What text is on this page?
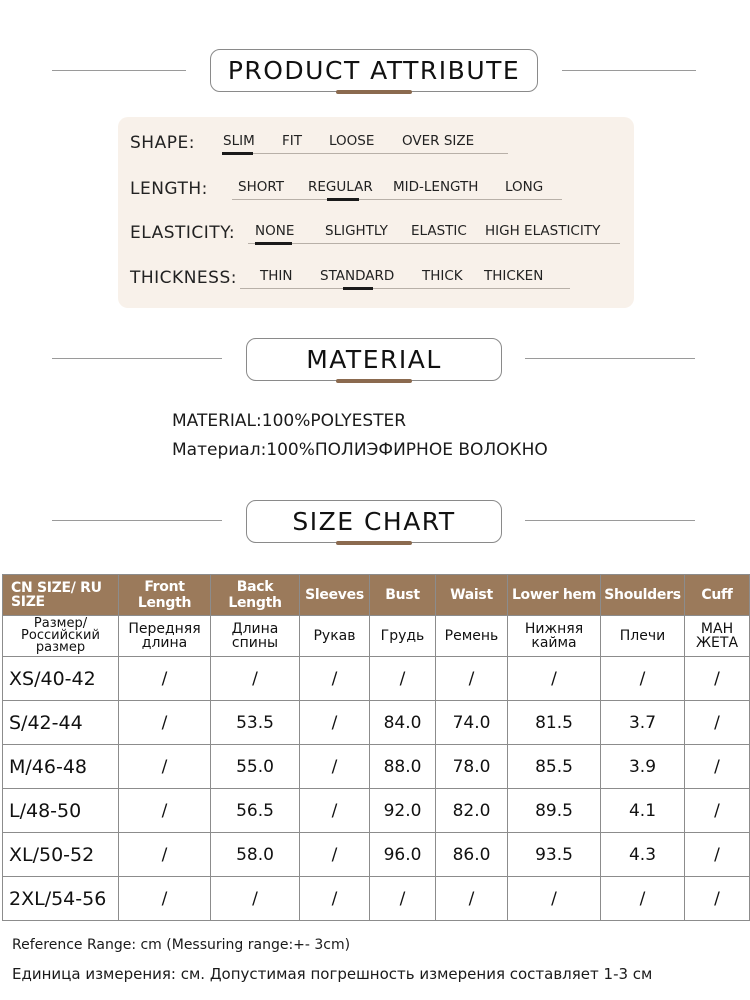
PRODUCT ATTRIBUTE
SHAPE: SLIM FIT LOOSE OVER SIZE
LENGTH: SHORT REGULAR MID-LENGTH LONG
ELASTICITY: NONE SLIGHTLY ELASTIC HIGH ELASTICITY
THICKNESS: THIN STANDARD THICK THICKEN
MATERIAL
MATERIAL:100%POLYESTER
Материал:100%ПОЛИЭФИРНОЕ ВОЛОКНО
SIZE CHART
CN SIZE/ RU SIZE	Front Length	Back Length	Sleeves	Bust	Waist	Lower hem	Shoulders	Cuff
Размер/ Российский размер	Передняя длина	Длина спины	Рукав	Грудь	Ремень	Нижняя кайма	Плечи	МАН ЖЕТА
XS/40-42	/	/	/	/	/	/	/	/
S/42-44	/	53.5	/	84.0	74.0	81.5	3.7	/
M/46-48	/	55.0	/	88.0	78.0	85.5	3.9	/
L/48-50	/	56.5	/	92.0	82.0	89.5	4.1	/
XL/50-52	/	58.0	/	96.0	86.0	93.5	4.3	/
2XL/54-56	/	/	/	/	/	/	/	/
Reference Range: cm (Messuring range:+- 3cm)
Единица измерения: см. Допустимая погрешность измерения составляет 1-3 см
